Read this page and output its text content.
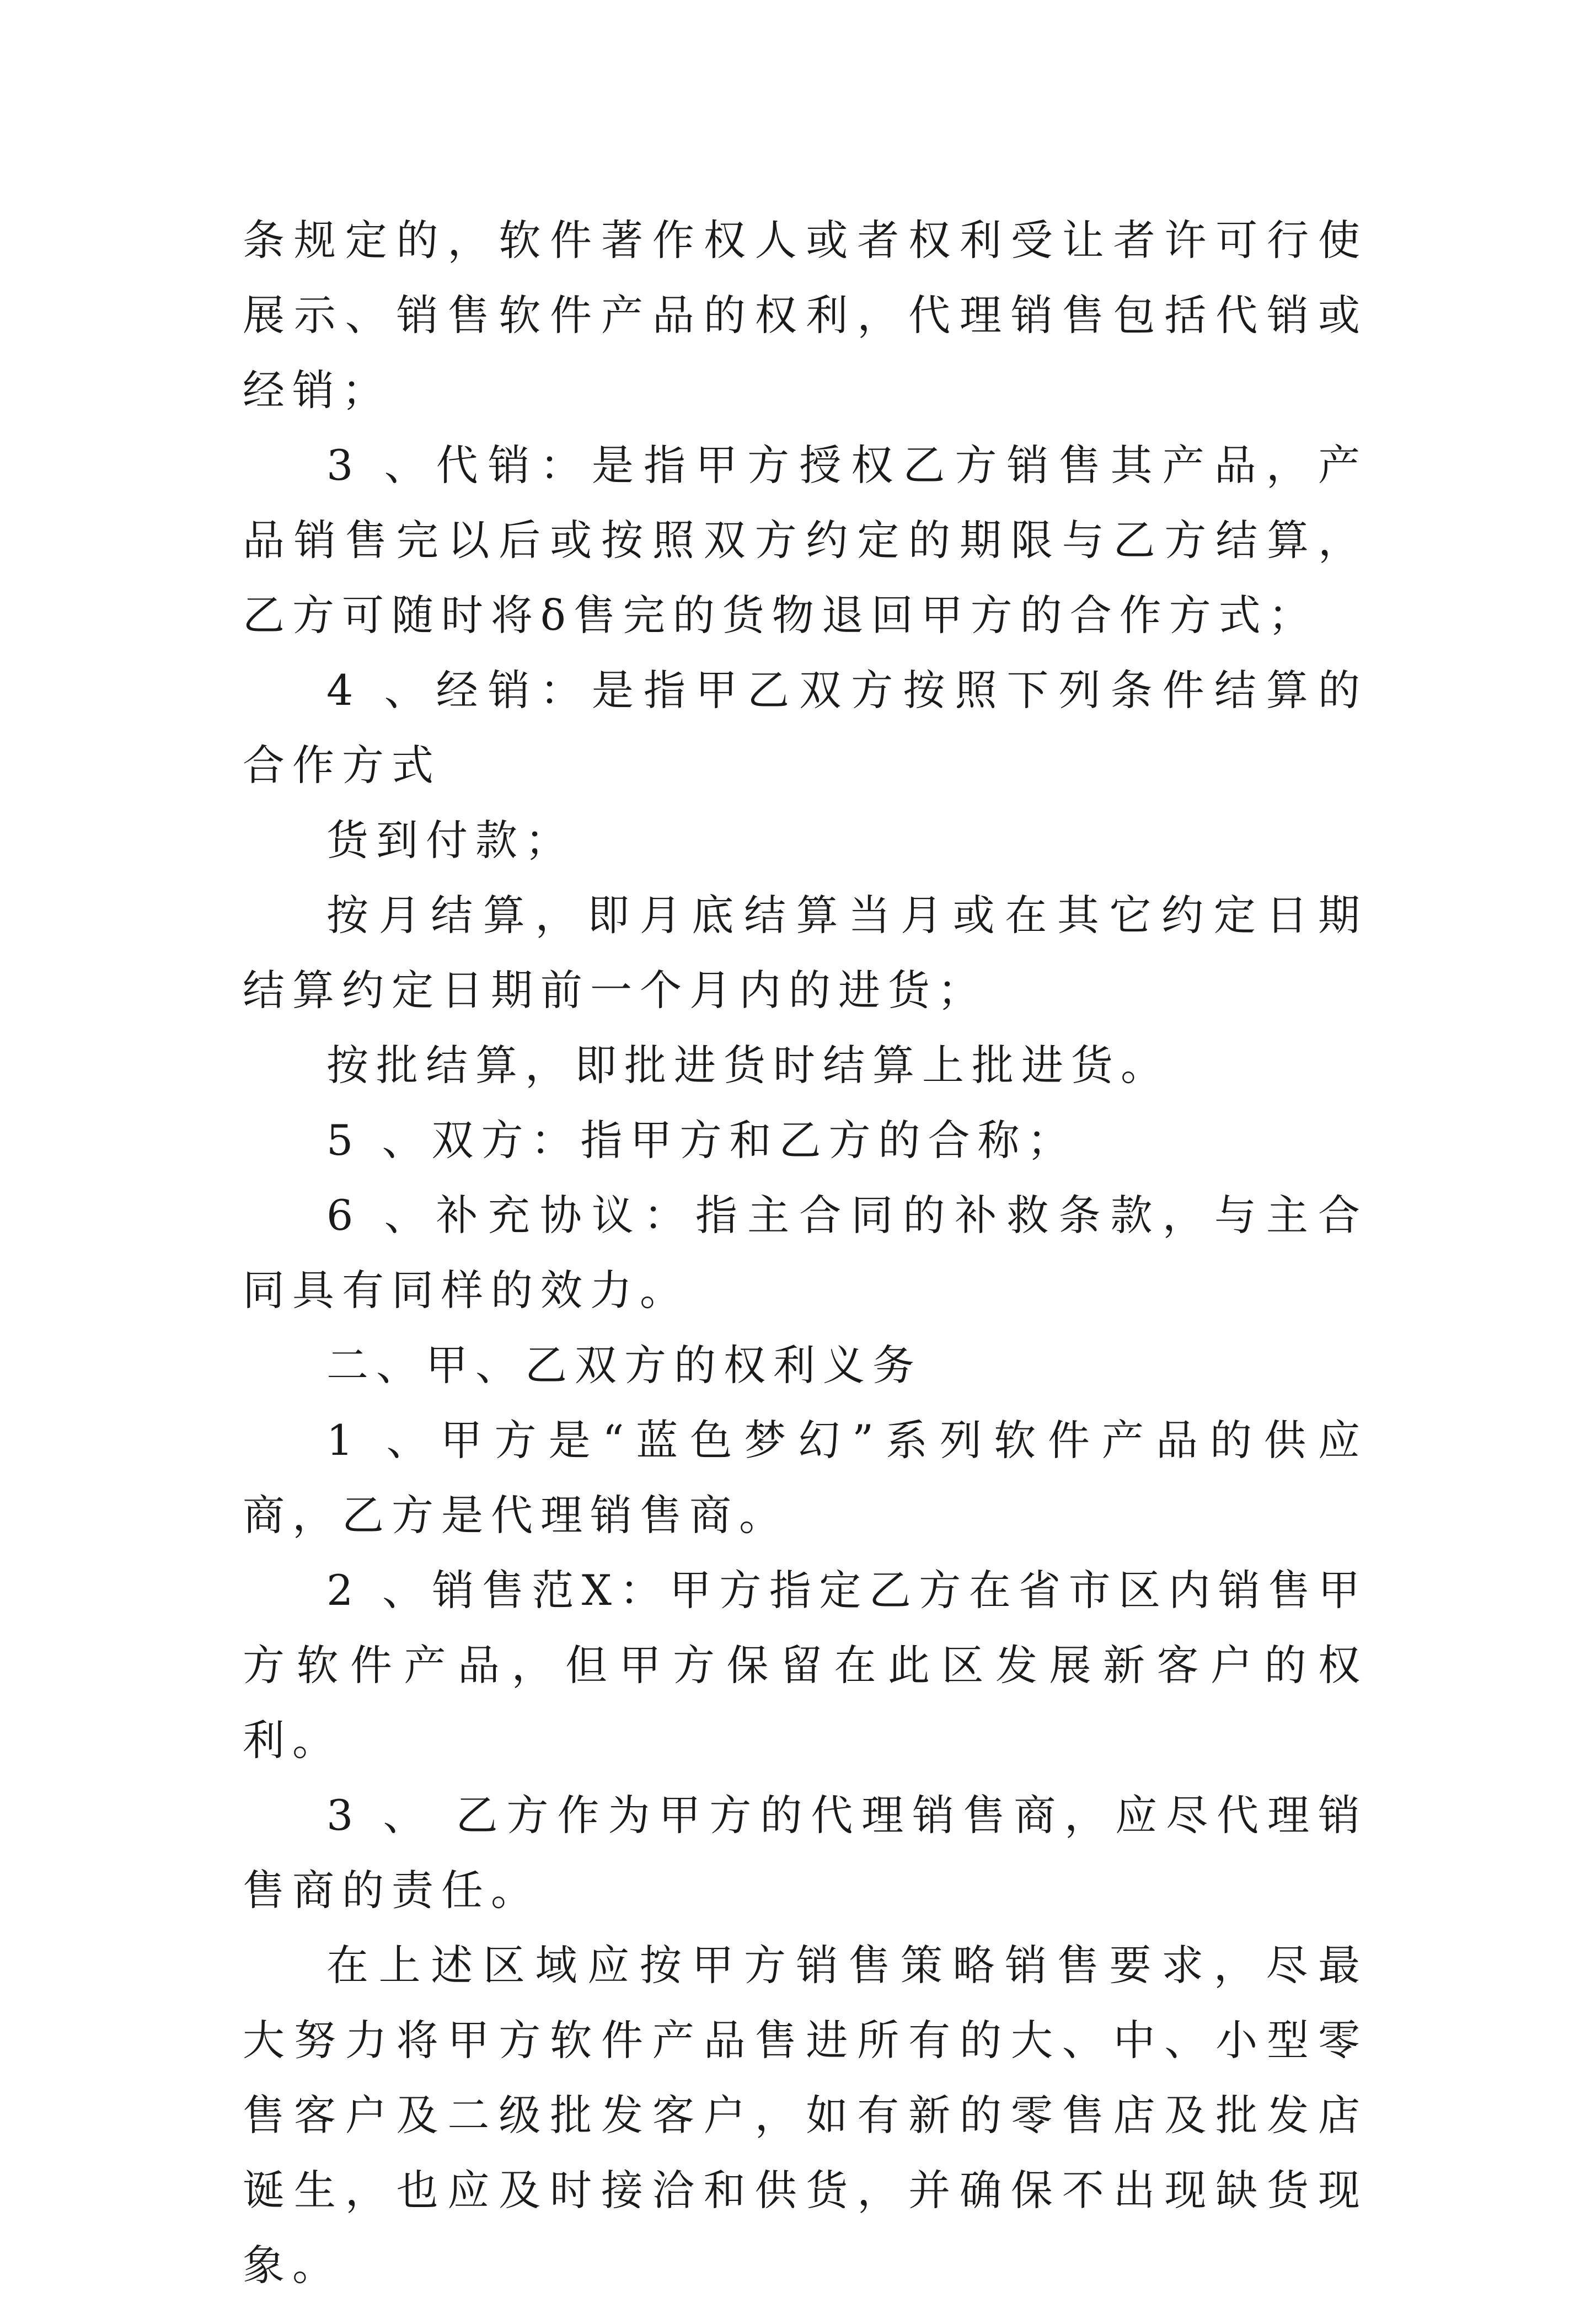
条规定的，软件著作权人或者权利受让者许可行使展示、销售软件产品的权利，代理销售包括代销或经销；

3 、代销：是指甲方授权乙方销售其产品，产品销售完以后或按照双方约定的期限与乙方结算，乙方可随时将δ售完的货物退回甲方的合作方式；

4 、经销：是指甲乙双方按照下列条件结算的合作方式

货到付款；

按月结算，即月底结算当月或在其它约定日期结算约定日期前一个月内的进货；

按批结算，即批进货时结算上批进货。

5 、双方：指甲方和乙方的合称；

6 、补充协议：指主合同的补救条款，与主合同具有同样的效力。

二、甲、乙双方的权利义务

1 、甲方是“蓝色梦幻”系列软件产品的供应商，乙方是代理销售商。

2 、销售范X：甲方指定乙方在省市区内销售甲方软件产品，但甲方保留在此区发展新客户的权利。

3 、 乙方作为甲方的代理销售商，应尽代理销售商的责任。

在上述区域应按甲方销售策略销售要求，尽最大努力将甲方软件产品售进所有的大、中、小型零售客户及二级批发客户，如有新的零售店及批发店诞生，也应及时接洽和供货，并确保不出现缺货现象。
